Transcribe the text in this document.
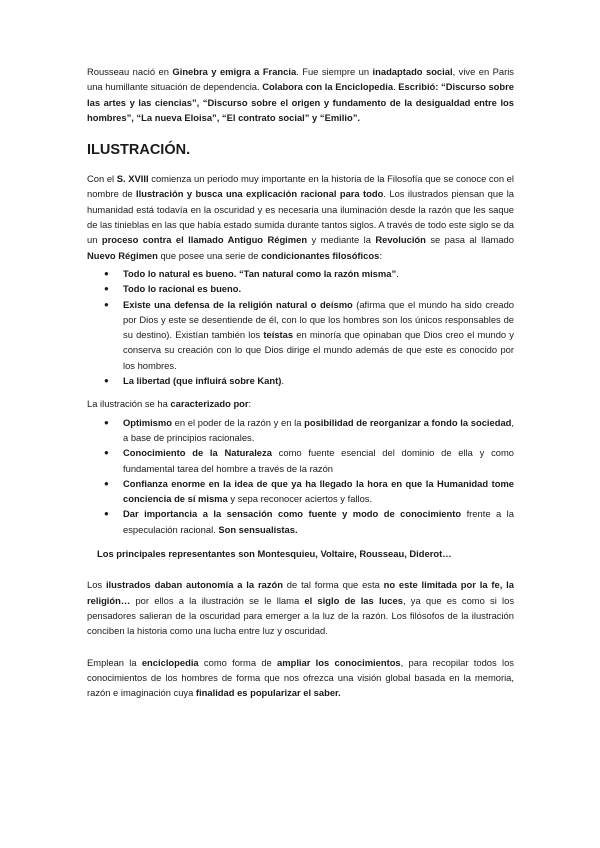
Rousseau nació en Ginebra y emigra a Francia. Fue siempre un inadaptado social, vive en Paris una humillante situación de dependencia. Colabora con la Enciclopedia. Escribió: “Discurso sobre las artes y las ciencias”, “Discurso sobre el origen y fundamento de la desigualdad entre los hombres”, “La nueva Eloisa”, “El contrato social” y “Emilio”.

ILUSTRACIÓN.

Con el S. XVIII comienza un periodo muy importante en la historia de la Filosofía que se conoce con el nombre de Ilustración y busca una explicación racional para todo. Los ilustrados piensan que la humanidad está todavía en la oscuridad y es necesaria una iluminación desde la razón que les saque de las tinieblas en las que había estado sumida durante tantos siglos. A través de todo este siglo se da un proceso contra el llamado Antiguo Régimen y mediante la Revolución se pasa al llamado Nuevo Régimen que posee una serie de condicionantes filosóficos:

● Todo lo natural es bueno. “Tan natural como la razón misma”.
● Todo lo racional es bueno.
● Existe una defensa de la religión natural o deísmo (afirma que el mundo ha sido creado por Dios y este se desentiende de él, con lo que los hombres son los únicos responsables de su destino). Existían también los teístas en minoría que opinaban que Dios creo el mundo y conserva su creación con lo que Dios dirige el mundo además de que este es conocido por los hombres.
● La libertad (que influirá sobre Kant).

La ilustración se ha caracterizado por:

● Optimismo en el poder de la razón y en la posibilidad de reorganizar a fondo la sociedad, a base de principios racionales.
● Conocimiento de la Naturaleza como fuente esencial del dominio de ella y como fundamental tarea del hombre a través de la razón
● Confianza enorme en la idea de que ya ha llegado la hora en que la Humanidad tome conciencia de sí misma y sepa reconocer aciertos y fallos.
● Dar importancia a la sensación como fuente y modo de conocimiento frente a la especulación racional. Son sensualistas.

Los principales representantes son Montesquieu, Voltaire, Rousseau, Diderot…

Los ilustrados daban autonomía a la razón de tal forma que esta no este limitada por la fe, la religión… por ellos a la ilustración se le llama el siglo de las luces, ya que es como si los pensadores salieran de la oscuridad para emerger a la luz de la razón. Los filósofos de la ilustración conciben la historia como una lucha entre luz y oscuridad.

Emplean la enciclopedia como forma de ampliar los conocimientos, para recopilar todos los conocimientos de los hombres de forma que nos ofrezca una visión global basada en la memoria, razón e imaginación cuya finalidad es popularizar el saber.
